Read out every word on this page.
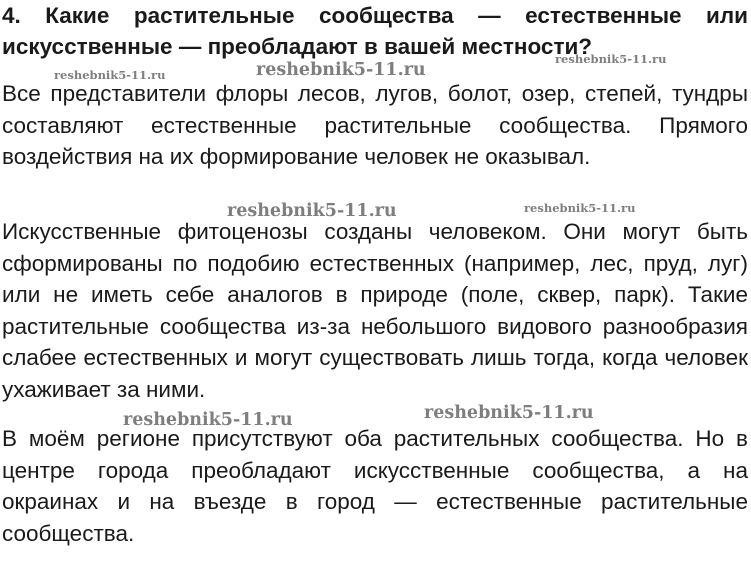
4. Какие растительные сообщества — естественные или искусственные — преобладают в вашей местности?

Все представители флоры лесов, лугов, болот, озер, степей, тундры составляют естественные растительные сообщества. Прямого воздействия на их формирование человек не оказывал.

Искусственные фитоценозы созданы человеком. Они могут быть сформированы по подобию естественных (например, лес, пруд, луг) или не иметь себе аналогов в природе (поле, сквер, парк). Такие растительные сообщества из-за небольшого видового разнообразия слабее естественных и могут существовать лишь тогда, когда человек ухаживает за ними.

В моём регионе присутствуют оба растительных сообщества. Но в центре города преобладают искусственные сообщества, а на окраинах и на въезде в город — естественные растительные сообщества.

reshebnik5-11.ru
reshebnik5-11.ru	reshebnik5-11.ru
reshebnik5-11.ru	reshebnik5-11.ru
reshebnik5-11.ru	reshebnik5-11.ru
